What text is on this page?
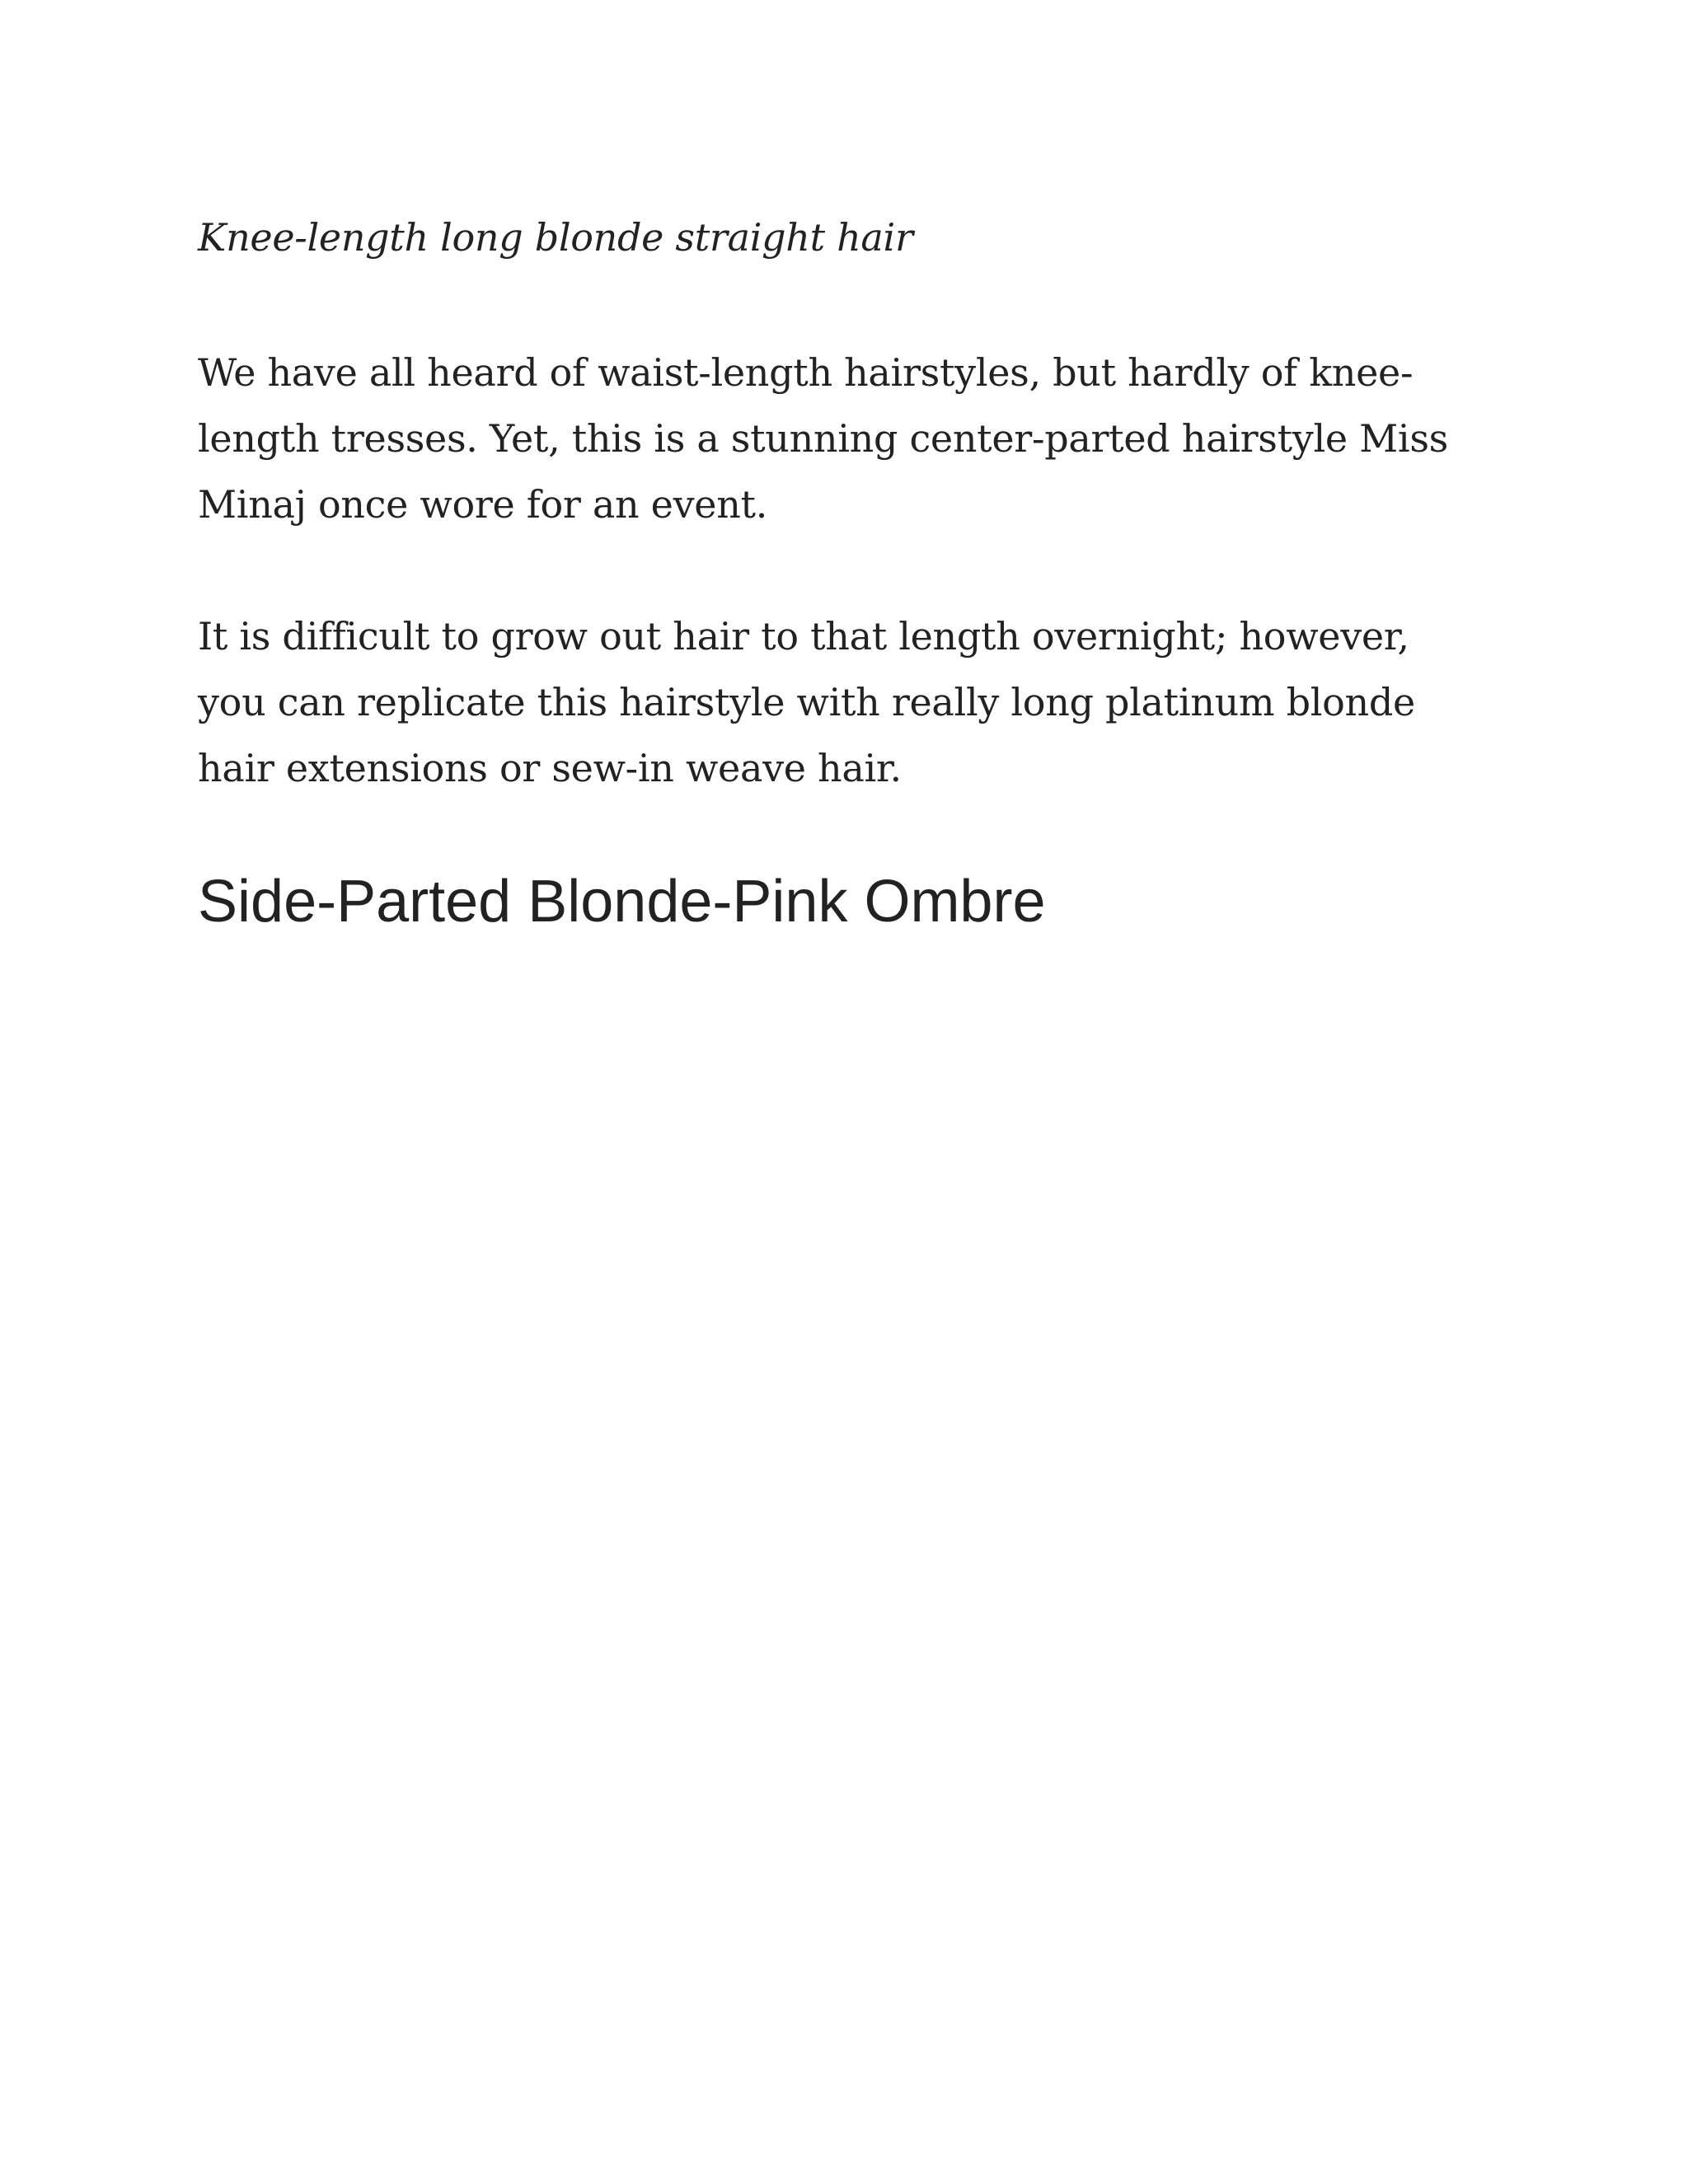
Knee-length long blonde straight hair

We have all heard of waist-length hairstyles, but hardly of knee-length tresses. Yet, this is a stunning center-parted hairstyle Miss Minaj once wore for an event.

It is difficult to grow out hair to that length overnight; however, you can replicate this hairstyle with really long platinum blonde hair extensions or sew-in weave hair.

Side-Parted Blonde-Pink Ombre
